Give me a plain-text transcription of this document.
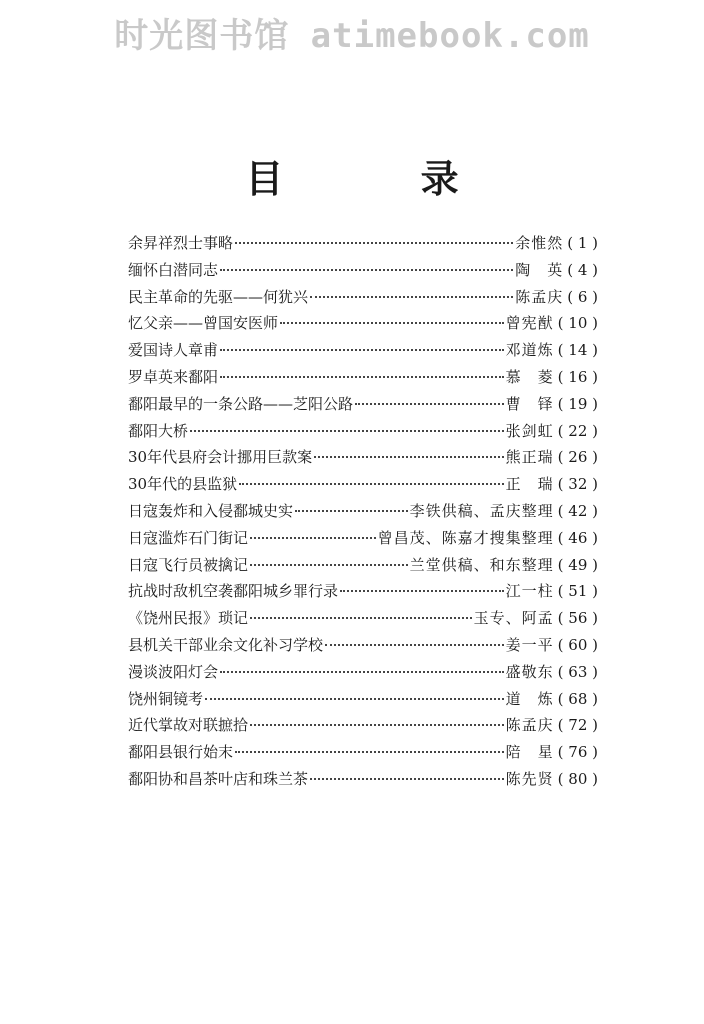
时光图书馆 atimebook.com
目 录
余昇祥烈士事略	余惟然 ( 1 )
缅怀白潜同志	陶　英 ( 4 )
民主革命的先驱——何犹兴	陈孟庆 ( 6 )
忆父亲——曾国安医师	曾宪猷 ( 10 )
爱国诗人章甫	邓道炼 ( 14 )
罗卓英来鄱阳	慕　菱 ( 16 )
鄱阳最早的一条公路——芝阳公路	曹　铎 ( 19 )
鄱阳大桥	张剑虹 ( 22 )
30年代县府会计挪用巨款案	熊正瑞 ( 26 )
30年代的县监狱	正　瑞 ( 32 )
日寇轰炸和入侵鄱城史实	李铁供稿、孟庆整理 ( 42 )
日寇滥炸石门街记	曾昌茂、陈嘉才搜集整理 ( 46 )
日寇飞行员被擒记	兰堂供稿、和东整理 ( 49 )
抗战时敌机空袭鄱阳城乡罪行录	江一柱 ( 51 )
《饶州民报》琐记	玉专、阿孟 ( 56 )
县机关干部业余文化补习学校	姜一平 ( 60 )
漫谈波阳灯会	盛敬东 ( 63 )
饶州铜镜考	道　炼 ( 68 )
近代掌故对联摭拾	陈孟庆 ( 72 )
鄱阳县银行始末	陪　星 ( 76 )
鄱阳协和昌茶叶店和珠兰茶	陈先贤 ( 80 )
